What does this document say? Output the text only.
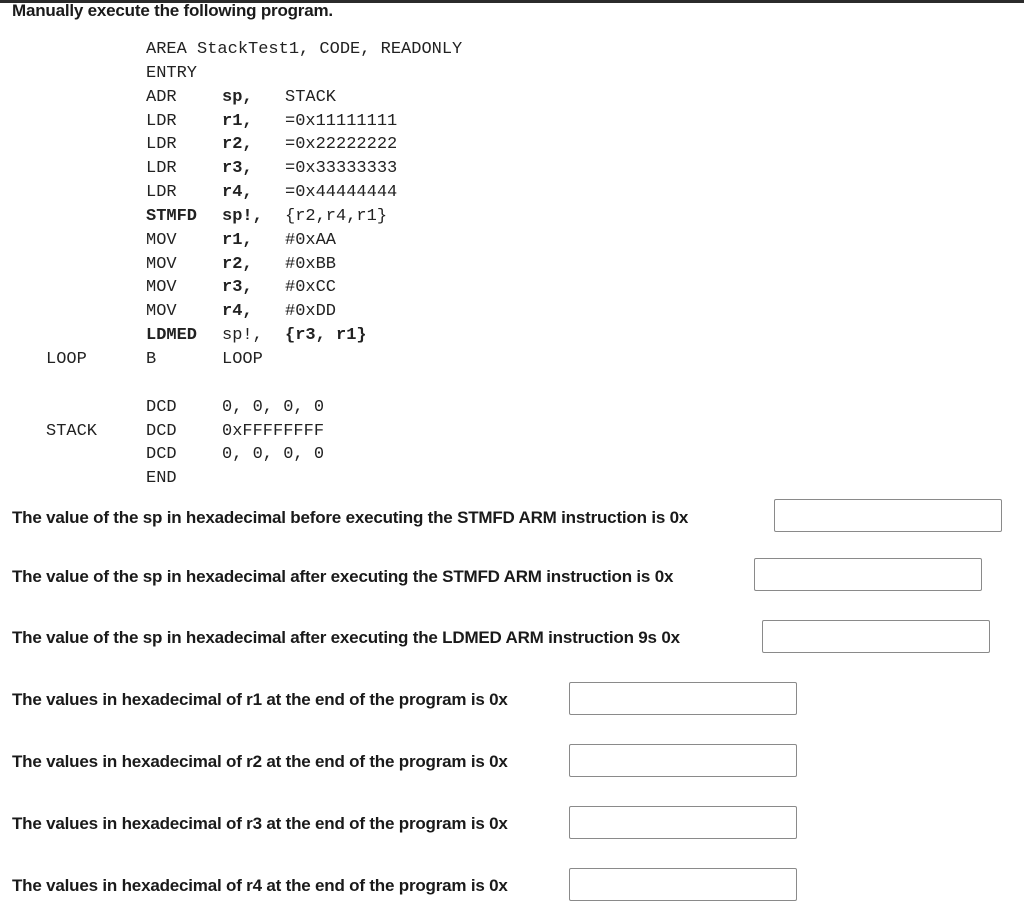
Manually execute the following program.
AREA StackTest1, CODE, READONLY
ENTRY
ADR	sp, STACK
LDR	r1, =0x11111111
LDR	r2, =0x22222222
LDR	r3, =0x33333333
LDR	r4, =0x44444444
STMFD sp!, {r2,r4,r1}
MOV	r1, #0xAA
MOV	r2, #0xBB
MOV	r3, #0xCC
MOV	r4, #0xDD
LDMED sp!, {r3, r1}
LOOP	B	LOOP
DCD	0, 0, 0, 0
STACK	DCD	0xFFFFFFFF
DCD	0, 0, 0, 0
END
The value of the sp in hexadecimal before executing the STMFD ARM instruction is 0x
The value of the sp in hexadecimal after executing the STMFD ARM instruction is 0x
The value of the sp in hexadecimal after executing the LDMED ARM instruction 9s 0x
The values in hexadecimal of r1 at the end of the program is 0x
The values in hexadecimal of r2 at the end of the program is 0x
The values in hexadecimal of r3 at the end of the program is 0x
The values in hexadecimal of r4 at the end of the program is 0x
